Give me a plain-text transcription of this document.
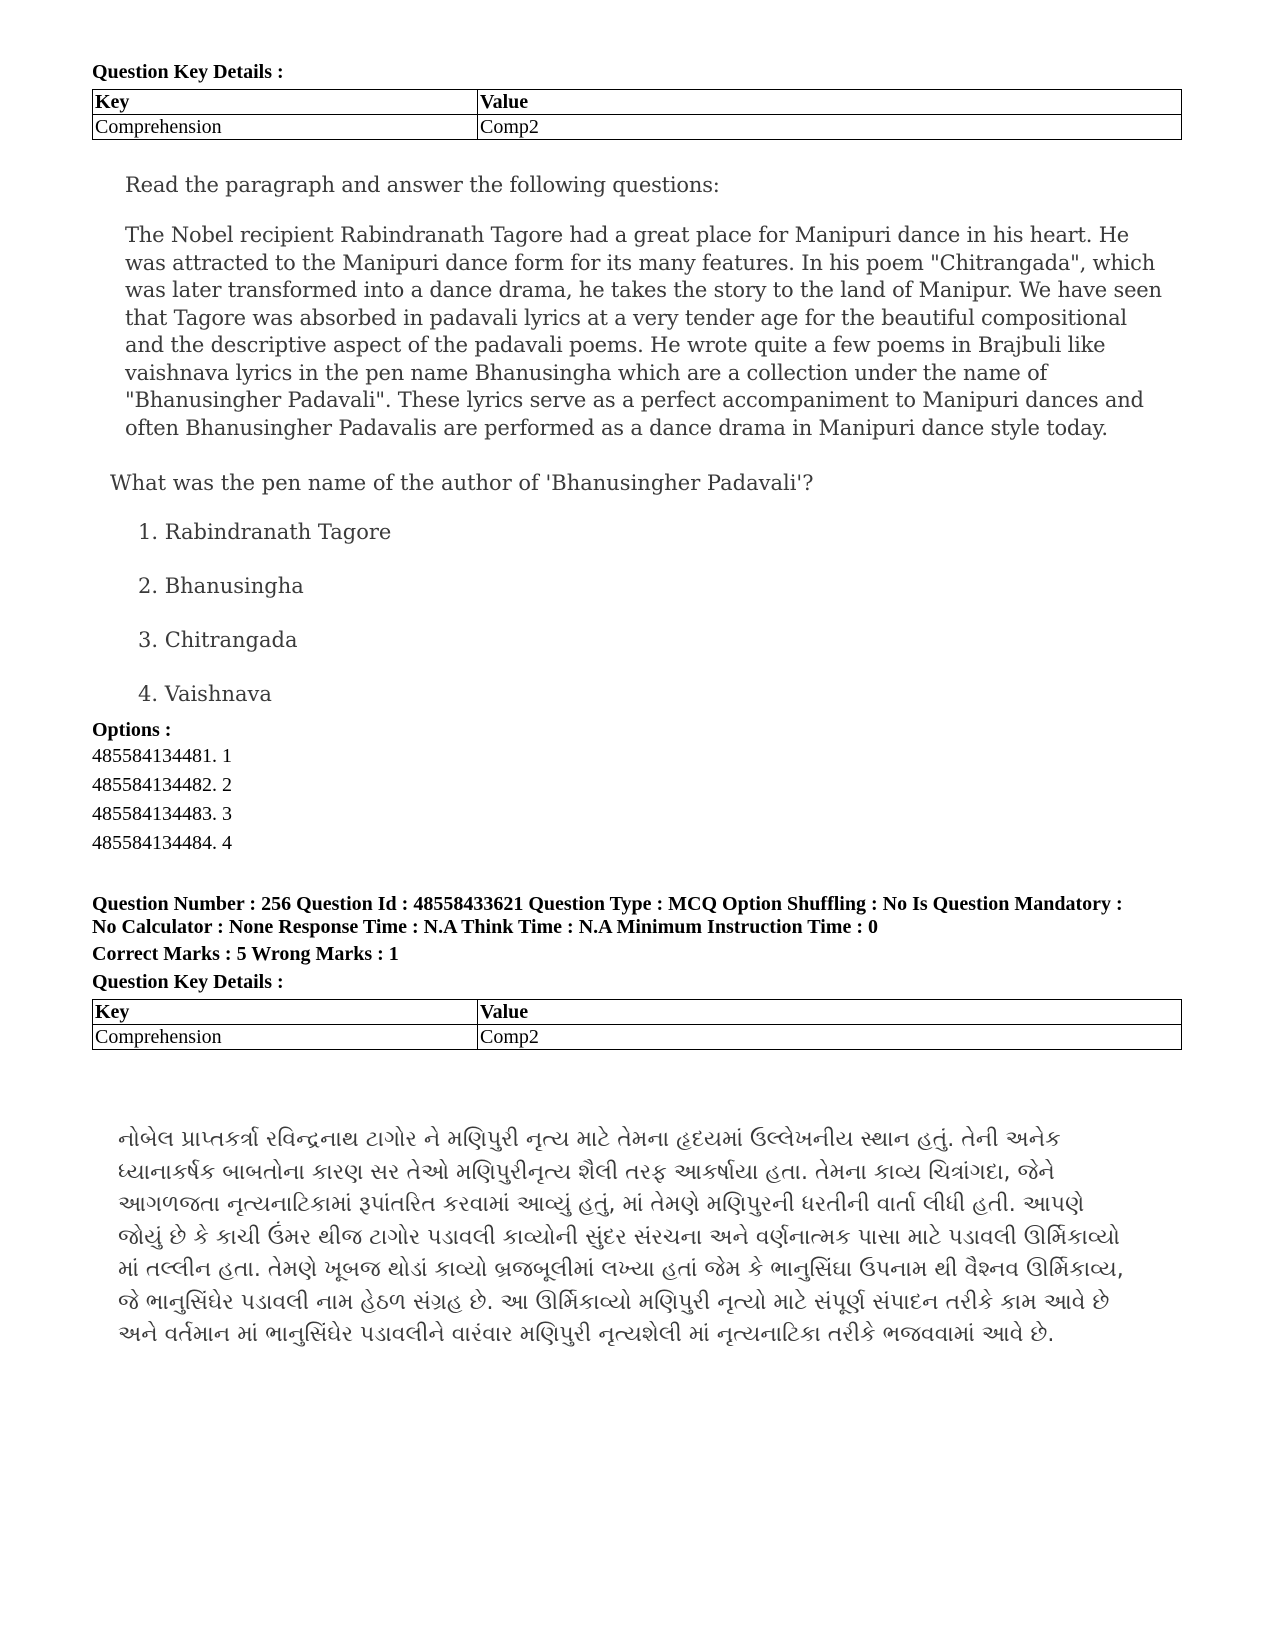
Question Key Details :
Key	Value
Comprehension	Comp2
Read the paragraph and answer the following questions:
The Nobel recipient Rabindranath Tagore had a great place for Manipuri dance in his heart. He was attracted to the Manipuri dance form for its many features. In his poem "Chitrangada", which was later transformed into a dance drama, he takes the story to the land of Manipur. We have seen that Tagore was absorbed in padavali lyrics at a very tender age for the beautiful compositional and the descriptive aspect of the padavali poems. He wrote quite a few poems in Brajbuli like vaishnava lyrics in the pen name Bhanusingha which are a collection under the name of "Bhanusingher Padavali". These lyrics serve as a perfect accompaniment to Manipuri dances and often Bhanusingher Padavalis are performed as a dance drama in Manipuri dance style today.
What was the pen name of the author of 'Bhanusingher Padavali'?
1. Rabindranath Tagore
2. Bhanusingha
3. Chitrangada
4. Vaishnava
Options :
485584134481. 1
485584134482. 2
485584134483. 3
485584134484. 4
Question Number : 256 Question Id : 48558433621 Question Type : MCQ Option Shuffling : No Is Question Mandatory :
No Calculator : None Response Time : N.A Think Time : N.A Minimum Instruction Time : 0
Correct Marks : 5 Wrong Marks : 1
Question Key Details :
Key	Value
Comprehension	Comp2
નોબેલ પ્રાપ્તકર્ત્રા રવિન્દ્રનાથ ટાગોર ને મણિપુરી નૃત્ય માટે તેમના હૃદયમાં ઉલ્લેખનીય સ્થાન હતું. તેની અનેક
ધ્યાનાકર્ષક બાબતોના કારણ સર તેઓ મણિપુરીનૃત્ય શૈલી તરફ આકર્ષાયા હતા. તેમના કાવ્ય ચિત્રાંગદા, જેને
આગળજતા નૃત્યનાટિકામાં રૂપાંતરિત કરવામાં આવ્યું હતું, માં તેમણે મણિપુરની ધરતીની વાર્તા લીધી હતી. આપણે
જોયું છે કે કાચી ઉંમર થીજ ટાગોર પડાવલી કાવ્યોની સુંદર સંરચના અને વર્ણનાત્મક પાસા માટે પડાવલી ઊર્મિકાવ્યો
માં તલ્લીન હતા. તેમણે ખૂબજ થોડાં કાવ્યો બ્રજબૂલીમાં લખ્યા હતાં જેમ કે ભાનુસિંઘા ઉપનામ થી વૈશ્નવ ઊર્મિકાવ્ય,
જે ભાનુસિંઘેર પડાવલી નામ હેઠળ સંગ્રહ છે. આ ઊર્મિકાવ્યો મણિપુરી નૃત્યો માટે સંપૂર્ણ સંપાદન તરીકે કામ આવે છે
અને વર્તમાન માં ભાનુસિંઘેર પડાવલીને વારંવાર મણિપુરી નૃત્યશેલી માં નૃત્યનાટિકા તરીકે ભજવવામાં આવે છે.
